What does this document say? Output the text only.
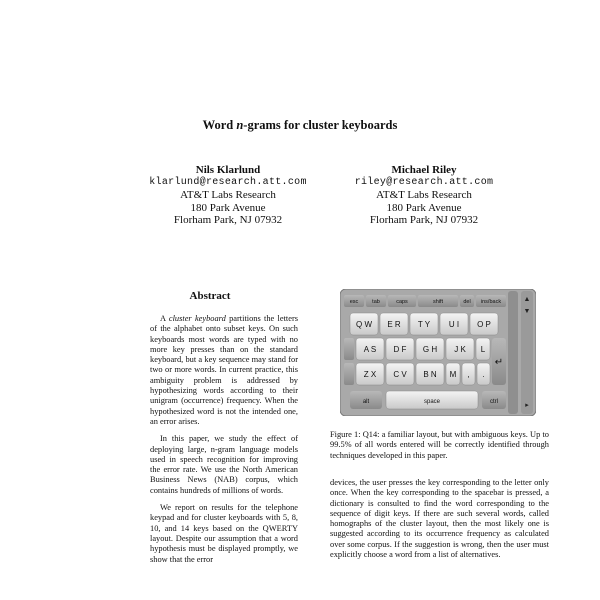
Word n-grams for cluster keyboards
Nils Klarlund
klarlund@research.att.com
AT&T Labs Research
180 Park Avenue
Florham Park, NJ 07932
Michael Riley
riley@research.att.com
AT&T Labs Research
180 Park Avenue
Florham Park, NJ 07932
Abstract

A cluster keyboard partitions the letters of the alphabet onto subset keys. On such keyboards most words are typed with no more key presses than on the standard keyboard, but a key sequence may stand for two or more words. In current practice, this ambiguity problem is addressed by hypothesizing words according to their unigram (occurrence) frequency. When the hypothesized word is not the intended one, an error arises.

In this paper, we study the effect of deploying large, n-gram language models used in speech recognition for improving the error rate. We use the North American Business News (NAB) corpus, which contains hundreds of millions of words.

We report on results for the telephone keypad and for cluster keyboards with 5, 8, 10, and 14 keys based on the QWERTY layout. Despite our assumption that a word hypothesis must be displayed promptly, we show that the error

▲
▼
▸
esc	tab	caps	shift	del ins/back
Q W E R T Y U I O P
A S D F G H J K L
↵
Z X C V B N M , .
alt	space	ctrl
Figure 1: Q14: a familiar layout, but with ambiguous keys. Up to 99.5% of all words entered will be correctly identified through techniques developed in this paper.

devices, the user presses the key corresponding to the letter only once. When the key corresponding to the spacebar is pressed, a dictionary is consulted to find the word corresponding to the sequence of digit keys. If there are such several words, called homographs of the cluster layout, then the most likely one is suggested according to its occurrence frequency as calculated over some corpus. If the suggestion is wrong, then the user must explicitly choose a word from a list of alternatives.
